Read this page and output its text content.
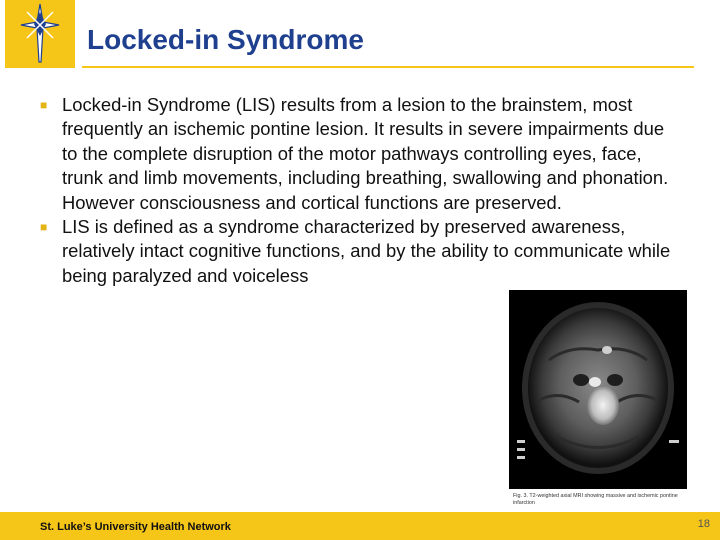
Locked-in Syndrome

■ Locked-in Syndrome (LIS) results from a lesion to the brainstem, most frequently an ischemic pontine lesion. It results in severe impairments due to the complete disruption of the motor pathways controlling eyes, face, trunk and limb movements, including breathing, swallowing and phonation. However consciousness and cortical functions are preserved.

■ LIS is defined as a syndrome characterized by preserved awareness, relatively intact cognitive functions, and by the ability to communicate while being paralyzed and voiceless

Fig. 3. T2-weighted axial MRI showing massive and ischemic pontine infarction
St. Luke’s University Health Network	18
